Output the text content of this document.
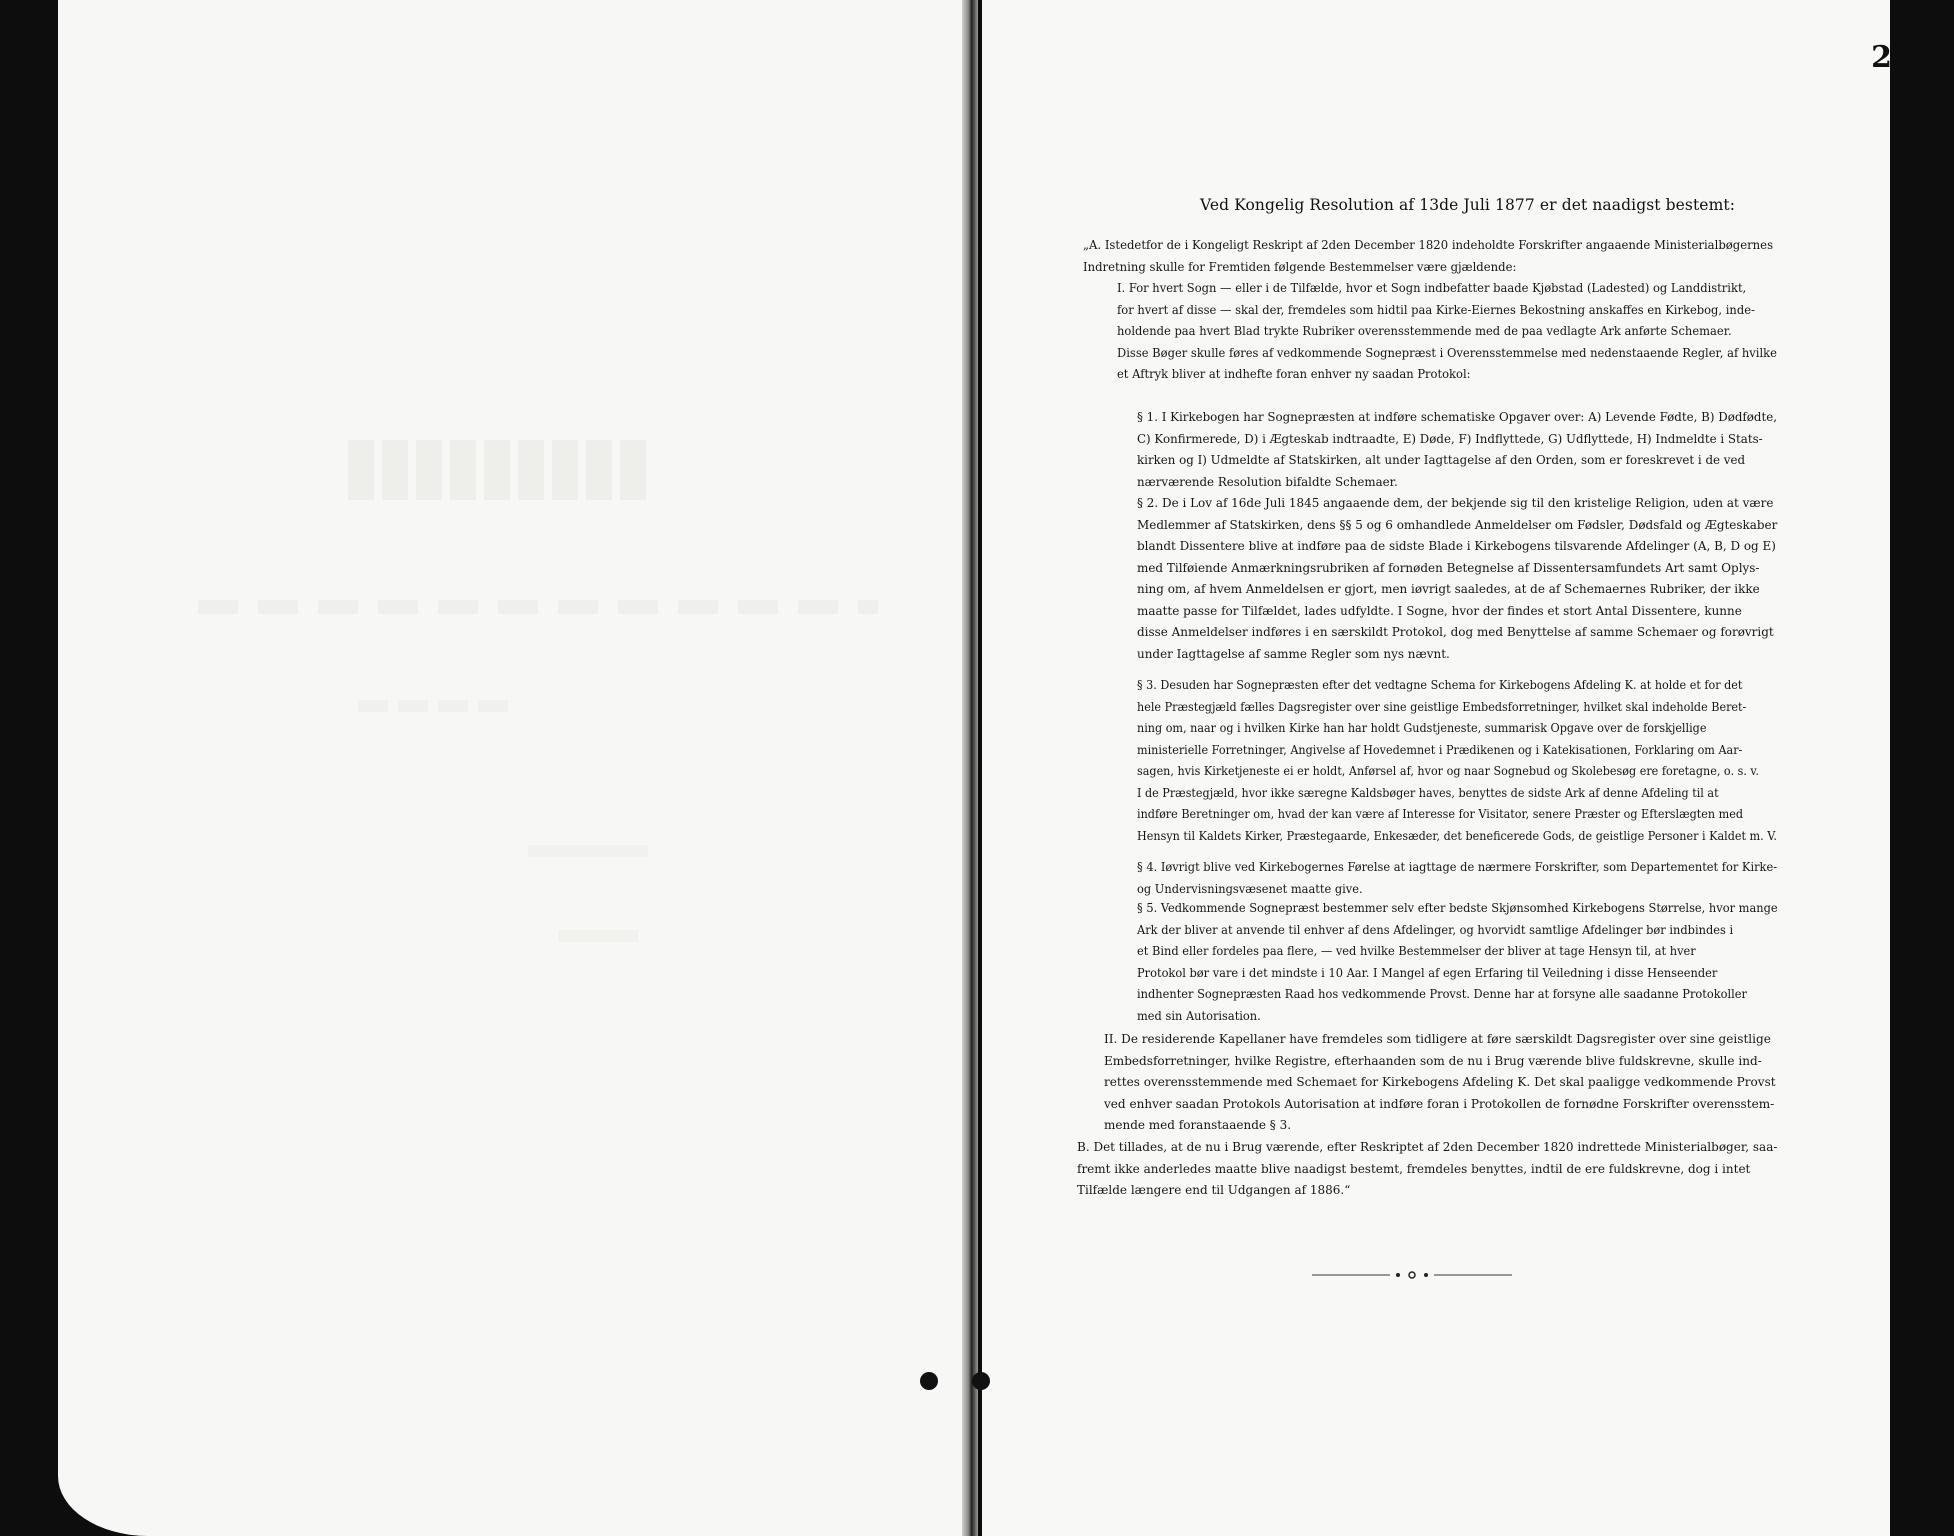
2
Ved Kongelig Resolution af 13de Juli 1877 er det naadigst bestemt:
„A. Istedetfor de i Kongeligt Reskript af 2den December 1820 indeholdte Forskrifter angaaende Ministerialbøgernes
Indretning skulle for Fremtiden følgende Bestemmelser være gjældende:
I. For hvert Sogn — eller i de Tilfælde, hvor et Sogn indbefatter baade Kjøbstad (Ladested) og Landdistrikt,
for hvert af disse — skal der, fremdeles som hidtil paa Kirke-Eiernes Bekostning anskaffes en Kirkebog, inde-
holdende paa hvert Blad trykte Rubriker overensstemmende med de paa vedlagte Ark anførte Schemaer.
Disse Bøger skulle føres af vedkommende Sognepræst i Overensstemmelse med nedenstaaende Regler, af hvilke
et Aftryk bliver at indhefte foran enhver ny saadan Protokol:
§ 1. I Kirkebogen har Sognepræsten at indføre schematiske Opgaver over: A) Levende Fødte, B) Dødfødte,
C) Konfirmerede, D) i Ægteskab indtraadte, E) Døde, F) Indflyttede, G) Udflyttede, H) Indmeldte i Stats-
kirken og I) Udmeldte af Statskirken, alt under Iagttagelse af den Orden, som er foreskrevet i de ved
nærværende Resolution bifaldte Schemaer.
§ 2. De i Lov af 16de Juli 1845 angaaende dem, der bekjende sig til den kristelige Religion, uden at være
Medlemmer af Statskirken, dens §§ 5 og 6 omhandlede Anmeldelser om Fødsler, Dødsfald og Ægteskaber
blandt Dissentere blive at indføre paa de sidste Blade i Kirkebogens tilsvarende Afdelinger (A, B, D og E)
med Tilføiende Anmærkningsrubriken af fornøden Betegnelse af Dissentersamfundets Art samt Oplys-
ning om, af hvem Anmeldelsen er gjort, men iøvrigt saaledes, at de af Schemaernes Rubriker, der ikke
maatte passe for Tilfældet, lades udfyldte. I Sogne, hvor der findes et stort Antal Dissentere, kunne
disse Anmeldelser indføres i en særskildt Protokol, dog med Benyttelse af samme Schemaer og forøvrigt
under Iagttagelse af samme Regler som nys nævnt.
§ 3. Desuden har Sognepræsten efter det vedtagne Schema for Kirkebogens Afdeling K. at holde et for det
hele Præstegjæld fælles Dagsregister over sine geistlige Embedsforretninger, hvilket skal indeholde Beret-
ning om, naar og i hvilken Kirke han har holdt Gudstjeneste, summarisk Opgave over de forskjellige
ministerielle Forretninger, Angivelse af Hovedemnet i Prædikenen og i Katekisationen, Forklaring om Aar-
sagen, hvis Kirketjeneste ei er holdt, Anførsel af, hvor og naar Sognebud og Skolebesøg ere foretagne, o. s. v.
I de Præstegjæld, hvor ikke særegne Kaldsbøger haves, benyttes de sidste Ark af denne Afdeling til at
indføre Beretninger om, hvad der kan være af Interesse for Visitator, senere Præster og Efterslægten med
Hensyn til Kaldets Kirker, Præstegaarde, Enkesæder, det beneficerede Gods, de geistlige Personer i Kaldet m. V.
§ 4. Iøvrigt blive ved Kirkebogernes Førelse at iagttage de nærmere Forskrifter, som Departementet for Kirke-
og Undervisningsvæsenet maatte give.
§ 5. Vedkommende Sognepræst bestemmer selv efter bedste Skjønsomhed Kirkebogens Størrelse, hvor mange
Ark der bliver at anvende til enhver af dens Afdelinger, og hvorvidt samtlige Afdelinger bør indbindes i
et Bind eller fordeles paa flere, — ved hvilke Bestemmelser der bliver at tage Hensyn til, at hver
Protokol bør vare i det mindste i 10 Aar. I Mangel af egen Erfaring til Veiledning i disse Henseender
indhenter Sognepræsten Raad hos vedkommende Provst. Denne har at forsyne alle saadanne Protokoller
med sin Autorisation.
II. De residerende Kapellaner have fremdeles som tidligere at føre særskildt Dagsregister over sine geistlige
Embedsforretninger, hvilke Registre, efterhaanden som de nu i Brug værende blive fuldskrevne, skulle ind-
rettes overensstemmende med Schemaet for Kirkebogens Afdeling K. Det skal paaligge vedkommende Provst
ved enhver saadan Protokols Autorisation at indføre foran i Protokollen de fornødne Forskrifter overensstem-
mende med foranstaaende § 3.
B. Det tillades, at de nu i Brug værende, efter Reskriptet af 2den December 1820 indrettede Ministerialbøger, saa-
fremt ikke anderledes maatte blive naadigst bestemt, fremdeles benyttes, indtil de ere fuldskrevne, dog i intet
Tilfælde længere end til Udgangen af 1886.“
